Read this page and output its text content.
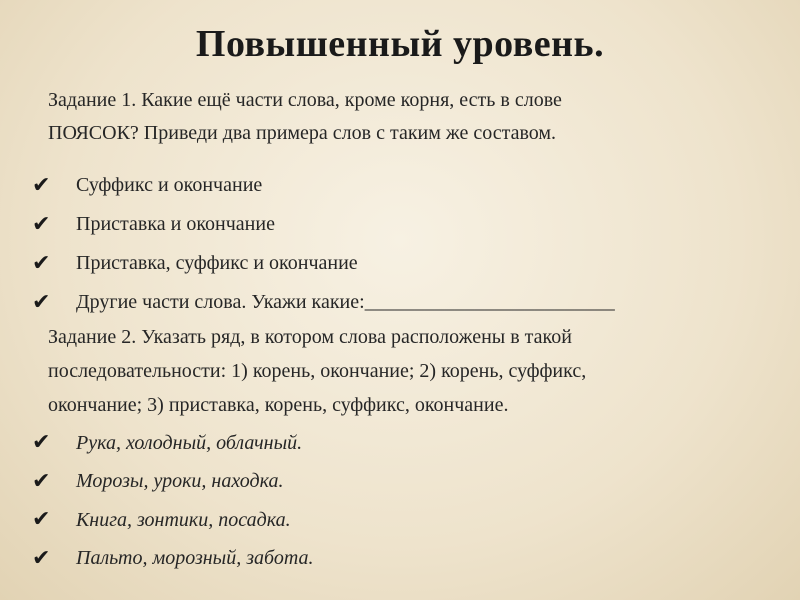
Повышенный уровень.
Задание 1. Какие ещё части слова, кроме корня, есть в слове
ПОЯСОК? Приведи два примера слов с таким же составом.
✔ Суффикс и окончание
✔ Приставка и окончание
✔ Приставка, суффикс и окончание
✔ Другие части слова. Укажи какие:_________________________
Задание 2. Указать ряд, в котором слова расположены в такой
последовательности: 1) корень, окончание; 2) корень, суффикс,
окончание; 3) приставка, корень, суффикс, окончание.
✔ Рука, холодный, облачный.
✔ Морозы, уроки, находка.
✔ Книга, зонтики, посадка.
✔ Пальто, морозный, забота.
